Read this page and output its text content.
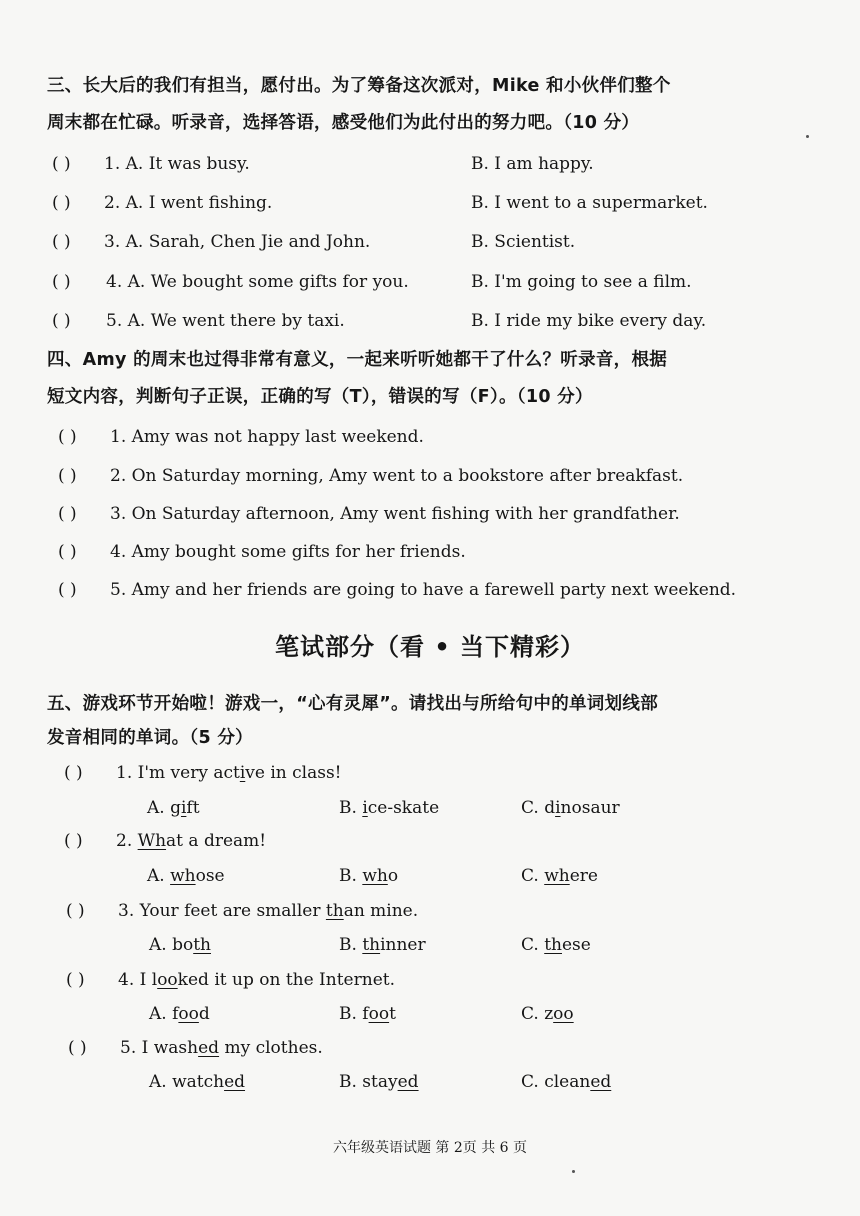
三、长大后的我们有担当，愿付出。为了筹备这次派对，Mike 和小伙伴们整个
周末都在忙碌。听录音，选择答语，感受他们为此付出的努力吧。（10 分）
( ) 1. A. It was busy.	B. I am happy.
( ) 2. A. I went fishing.	B. I went to a supermarket.
( ) 3. A. Sarah, Chen Jie and John.	B. Scientist.
( ) 4. A. We bought some gifts for you.	B. I'm going to see a film.
( ) 5. A. We went there by taxi.	B. I ride my bike every day.
四、Amy 的周末也过得非常有意义，一起来听听她都干了什么？听录音，根据
短文内容，判断句子正误，正确的写（T），错误的写（F）。（10 分）
( ) 1. Amy was not happy last weekend.
( ) 2. On Saturday morning, Amy went to a bookstore after breakfast.
( ) 3. On Saturday afternoon, Amy went fishing with her grandfather.
( ) 4. Amy bought some gifts for her friends.
( ) 5. Amy and her friends are going to have a farewell party next weekend.
笔试部分（看 • 当下精彩）
五、游戏环节开始啦！游戏一，“心有灵犀”。请找出与所给句中的单词划线部
发音相同的单词。（5 分）
( ) 1. I'm very active in class!
A. gift	B. ice-skate	C. dinosaur
( ) 2. What a dream!
A. whose	B. who	C. where
( ) 3. Your feet are smaller than mine.
A. both	B. thinner	C. these
( ) 4. I looked it up on the Internet.
A. food	B. foot	C. zoo
( ) 5. I washed my clothes.
A. watched	B. stayed	C. cleaned
六年级英语试题 第 2页 共 6 页
